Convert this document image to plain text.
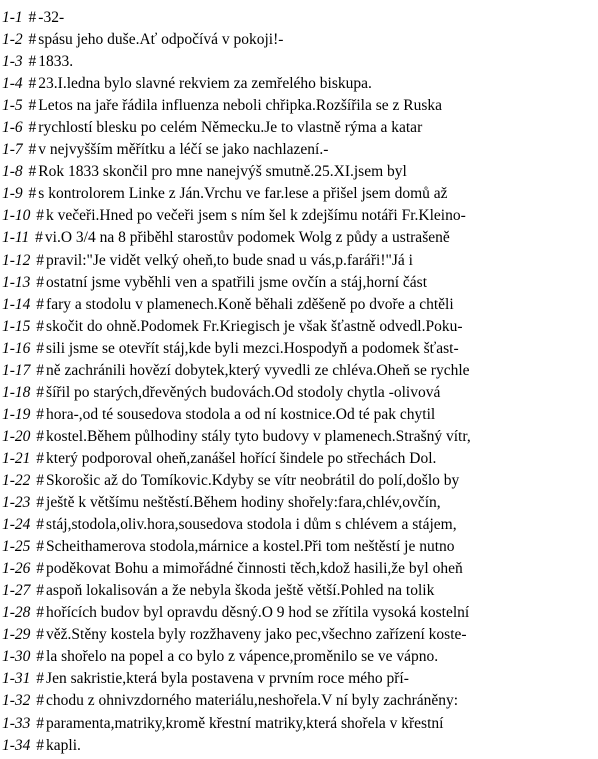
1-1 # -32-
1-2 # spásu jeho duše.Ať odpočívá v pokoji!-
1-3 # 1833.
1-4 # 23.I.ledna bylo slavné rekviem za zemřelého biskupa.
1-5 # Letos na jaře řádila influenza neboli chřipka.Rozšířila se z Ruska
1-6 # rychlostí blesku po celém Německu.Je to vlastně rýma a katar
1-7 # v nejvyšším měřítku a léčí se jako nachlazení.-
1-8 # Rok 1833 skončil pro mne nanejvýš smutně.25.XI.jsem byl
1-9 # s kontrolorem Linke z Ján.Vrchu ve far.lese a přišel jsem domů až
1-10 # k večeři.Hned po večeři jsem s ním šel k zdejšímu notáři Fr.Kleino-
1-11 # vi.O 3/4 na 8 přiběhl starostův podomek Wolg z půdy a ustrašeně
1-12 # pravil:"Je vidět velký oheň,to bude snad u vás,p.faráři!"Já i
1-13 # ostatní jsme vyběhli ven a spatřili jsme ovčín a stáj,horní část
1-14 # fary a stodolu v plamenech.Koně běhali zděšeně po dvoře a chtěli
1-15 # skočit do ohně.Podomek Fr.Kriegisch je však šťastně odvedl.Poku-
1-16 # sili jsme se otevřít stáj,kde byli mezci.Hospodyň a podomek šťast-
1-17 # ně zachránili hovězí dobytek,který vyvedli ze chléva.Oheň se rychle
1-18 # šířil po starých,dřevěných budovách.Od stodoly chytla -olivová
1-19 # hora-,od té sousedova stodola a od ní kostnice.Od té pak chytil
1-20 # kostel.Během půlhodiny stály tyto budovy v plamenech.Strašný vítr,
1-21 # který podporoval oheň,zanášel hořící šindele po střechách Dol.
1-22 # Skorošic až do Tomíkovic.Kdyby se vítr neobrátil do polí,došlo by
1-23 # ještě k většímu neštěstí.Během hodiny shořely:fara,chlév,ovčín,
1-24 # stáj,stodola,oliv.hora,sousedova stodola i dům s chlévem a stájem,
1-25 # Scheithamerova stodola,márnice a kostel.Při tom neštěstí je nutno
1-26 # poděkovat Bohu a mimořádné činnosti těch,kdož hasili,že byl oheň
1-27 # aspoň lokalisován a že nebyla škoda ještě větší.Pohled na tolik
1-28 # hořících budov byl opravdu děsný.O 9 hod se zřítila vysoká kostelní
1-29 # věž.Stěny kostela byly rozžhaveny jako pec,všechno zařízení koste-
1-30 # la shořelo na popel a co bylo z vápence,proměnilo se ve vápno.
1-31 # Jen sakristie,která byla postavena v prvním roce mého pří-
1-32 # chodu z ohnivzdorného materiálu,neshořela.V ní byly zachráněny:
1-33 # paramenta,matriky,kromě křestní matriky,která shořela v křestní
1-34 # kapli.
